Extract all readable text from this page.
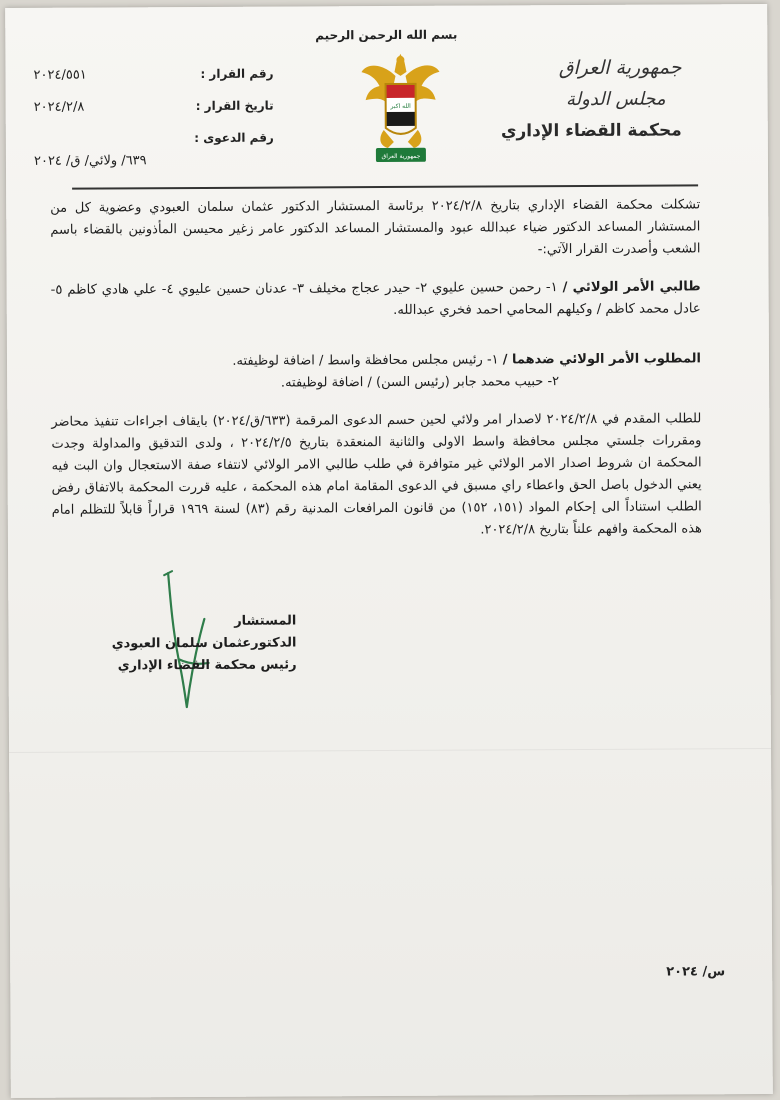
بسم الله الرحمن الرحيم
جمهورية العراق
مجلس الدولة
محكمة القضاء الإداري
الله اكبر
جمهورية العراق
رقم القرار :
٢٠٢٤/٥٥١
تاريخ القرار :
٢٠٢٤/٢/٨
رقم الدعوى :
٦٣٩/ ولائي/ ق/ ٢٠٢٤
تشكلت محكمة القضاء الإداري بتاريخ ٢٠٢٤/٢/٨ برئاسة المستشار الدكتور عثمان سلمان العبودي وعضوية كل من المستشار المساعد الدكتور ضياء عبدالله عبود والمستشار المساعد الدكتور عامر زغير محيسن المأذونين بالقضاء باسم الشعب وأصدرت القرار الآتي:-
طالبي الأمر الولائي / ١- رحمن حسين عليوي ٢- حيدر عجاج مخيلف ٣- عدنان حسين عليوي ٤- علي هادي كاظم ٥- عادل محمد كاظم / وكيلهم المحامي احمد فخري عبدالله.
المطلوب الأمر الولائي ضدهما / ١- رئيس مجلس محافظة واسط / اضافة لوظيفته.
٢- حبيب محمد جابر (رئيس السن) / اضافة لوظيفته.
للطلب المقدم في ٢٠٢٤/٢/٨ لاصدار امر ولائي لحين حسم الدعوى المرقمة (٦٣٣/ق/٢٠٢٤) بايقاف اجراءات تنفيذ محاضر ومقررات جلستي مجلس محافظة واسط الاولى والثانية المنعقدة بتاريخ ٢٠٢٤/٢/٥ ، ولدى التدقيق والمداولة وجدت المحكمة ان شروط اصدار الامر الولائي غير متوافرة في طلب طالبي الامر الولائي لانتفاء صفة الاستعجال وان البت فيه يعني الدخول باصل الحق واعطاء راي مسبق في الدعوى المقامة امام هذه المحكمة ، عليه قررت المحكمة بالاتفاق رفض الطلب استناداً الى إحكام المواد (١٥١، ١٥٢) من قانون المرافعات المدنية رقم (٨٣) لسنة ١٩٦٩ قراراً قابلاً للتظلم امام هذه المحكمة وافهم علناً بتاريخ ٢٠٢٤/٢/٨.
المستشار
الدكتورعثمان سلمان العبودي
رئيس محكمة القضاء الإداري
س/ ٢٠٢٤
